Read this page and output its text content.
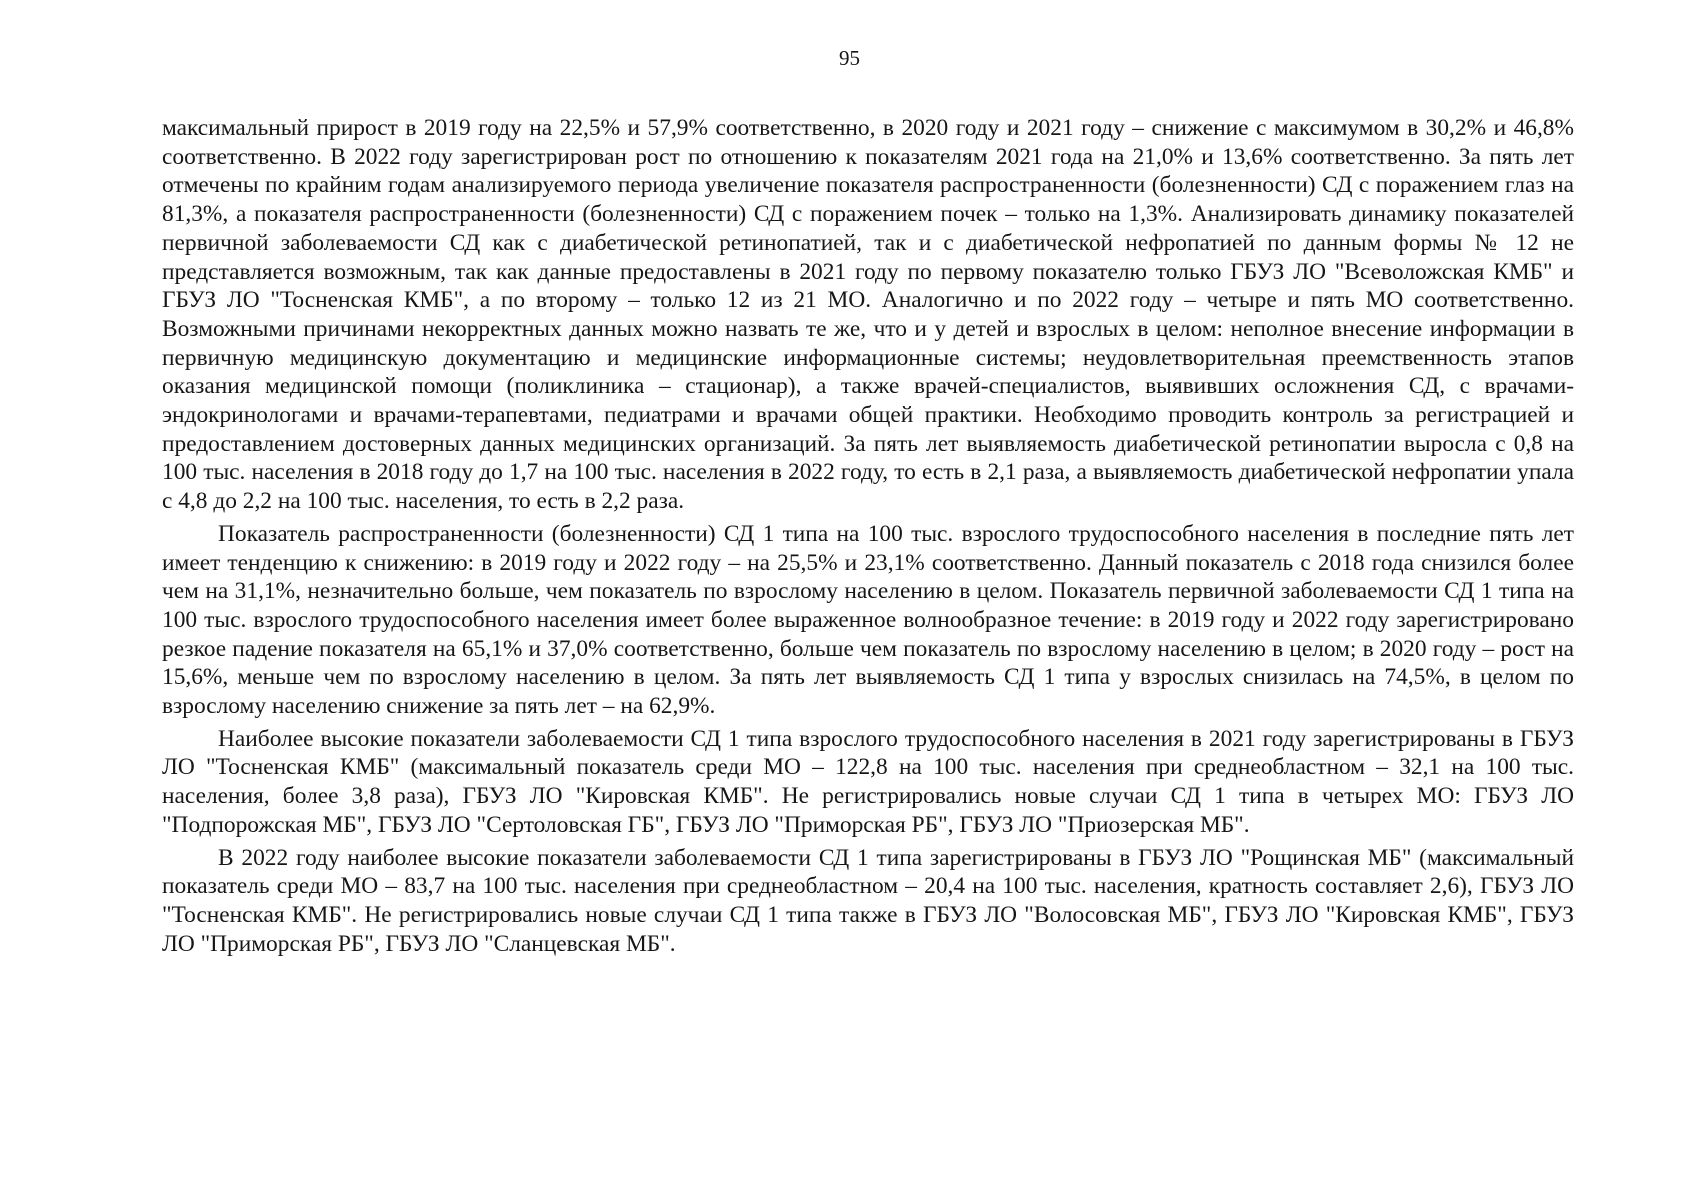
95

максимальный прирост в 2019 году на 22,5% и 57,9% соответственно, в 2020 году и 2021 году – снижение с максимумом в 30,2% и 46,8% соответственно. В 2022 году зарегистрирован рост по отношению к показателям 2021 года на 21,0% и 13,6% соответственно. За пять лет отмечены по крайним годам анализируемого периода увеличение показателя распространенности (болезненности) СД с поражением глаз на 81,3%, а показателя распространенности (болезненности) СД с поражением почек – только на 1,3%. Анализировать динамику показателей первичной заболеваемости СД как с диабетической ретинопатией, так и с диабетической нефропатией по данным формы № 12 не представляется возможным, так как данные предоставлены в 2021 году по первому показателю только ГБУЗ ЛО "Всеволожская КМБ" и ГБУЗ ЛО "Тосненская КМБ", а по второму – только 12 из 21 МО. Аналогично и по 2022 году – четыре и пять МО соответственно. Возможными причинами некорректных данных можно назвать те же, что и у детей и взрослых в целом: неполное внесение информации в первичную медицинскую документацию и медицинские информационные системы; неудовлетворительная преемственность этапов оказания медицинской помощи (поликлиника – стационар), а также врачей-специалистов, выявивших осложнения СД, с врачами-эндокринологами и врачами-терапевтами, педиатрами и врачами общей практики. Необходимо проводить контроль за регистрацией и предоставлением достоверных данных медицинских организаций. За пять лет выявляемость диабетической ретинопатии выросла с 0,8 на 100 тыс. населения в 2018 году до 1,7 на 100 тыс. населения в 2022 году, то есть в 2,1 раза, а выявляемость диабетической нефропатии упала с 4,8 до 2,2 на 100 тыс. населения, то есть в 2,2 раза.

Показатель распространенности (болезненности) СД 1 типа на 100 тыс. взрослого трудоспособного населения в последние пять лет имеет тенденцию к снижению: в 2019 году и 2022 году – на 25,5% и 23,1% соответственно. Данный показатель с 2018 года снизился более чем на 31,1%, незначительно больше, чем показатель по взрослому населению в целом. Показатель первичной заболеваемости СД 1 типа на 100 тыс. взрослого трудоспособного населения имеет более выраженное волнообразное течение: в 2019 году и 2022 году зарегистрировано резкое падение показателя на 65,1% и 37,0% соответственно, больше чем показатель по взрослому населению в целом; в 2020 году – рост на 15,6%, меньше чем по взрослому населению в целом. За пять лет выявляемость СД 1 типа у взрослых снизилась на 74,5%, в целом по взрослому населению снижение за пять лет – на 62,9%.

Наиболее высокие показатели заболеваемости СД 1 типа взрослого трудоспособного населения в 2021 году зарегистрированы в ГБУЗ ЛО "Тосненская КМБ" (максимальный показатель среди МО – 122,8 на 100 тыс. населения при среднеобластном – 32,1 на 100 тыс. населения, более 3,8 раза), ГБУЗ ЛО "Кировская КМБ". Не регистрировались новые случаи СД 1 типа в четырех МО: ГБУЗ ЛО "Подпорожская МБ", ГБУЗ ЛО "Сертоловская ГБ", ГБУЗ ЛО "Приморская РБ", ГБУЗ ЛО "Приозерская МБ".

В 2022 году наиболее высокие показатели заболеваемости СД 1 типа зарегистрированы в ГБУЗ ЛО "Рощинская МБ" (максимальный показатель среди МО – 83,7 на 100 тыс. населения при среднеобластном – 20,4 на 100 тыс. населения, кратность составляет 2,6), ГБУЗ ЛО "Тосненская КМБ". Не регистрировались новые случаи СД 1 типа также в ГБУЗ ЛО "Волосовская МБ", ГБУЗ ЛО "Кировская КМБ", ГБУЗ ЛО "Приморская РБ", ГБУЗ ЛО "Сланцевская МБ".
